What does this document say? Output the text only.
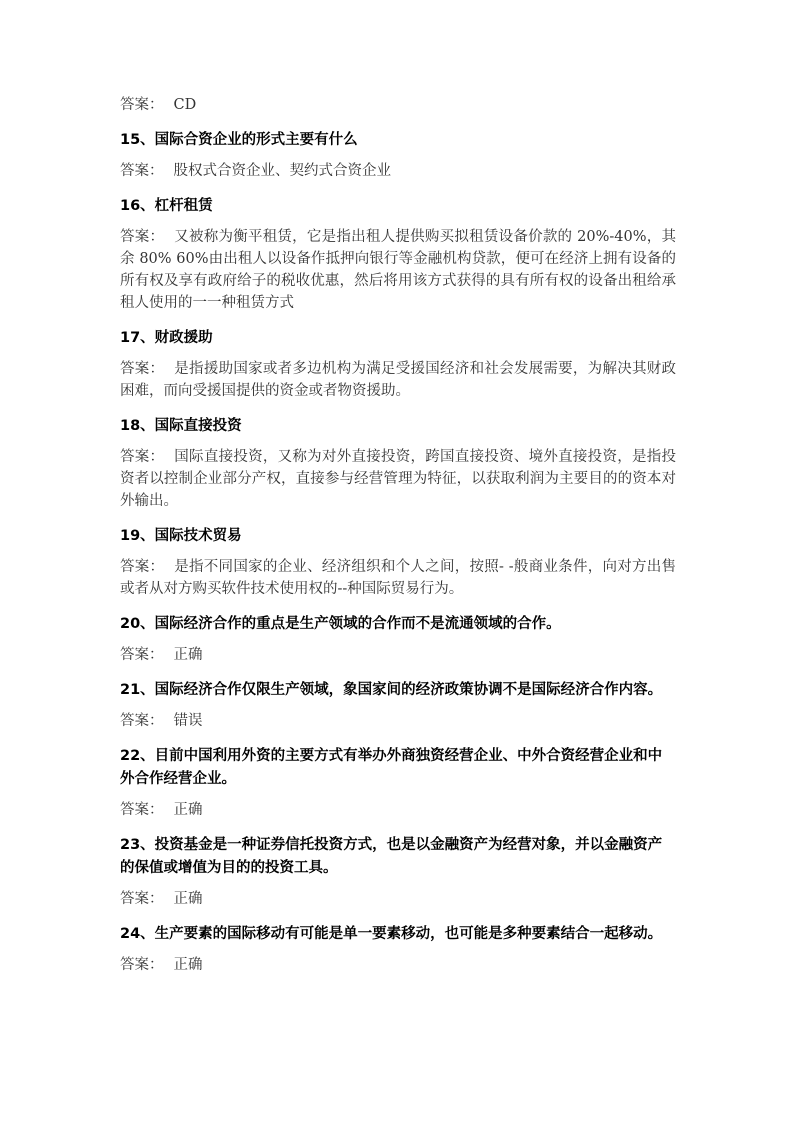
答案： CD

15、国际合资企业的形式主要有什么

答案： 股权式合资企业、契约式合资企业

16、杠杆租赁

答案： 又被称为衡平租赁，它是指出租人提供购买拟租赁设备价款的 20%-40%，其余 80% 60%由出租人以设备作抵押向银行等金融机构贷款，便可在经济上拥有设备的所有权及享有政府给子的税收优惠，然后将用该方式获得的具有所有权的设备出租给承租人使用的一一种租赁方式

17、财政援助

答案： 是指援助国家或者多边机构为满足受援国经济和社会发展需要，为解决其财政困难，而向受援国提供的资金或者物资援助。

18、国际直接投资

答案： 国际直接投资，又称为对外直接投资，跨国直接投资、境外直接投资，是指投资者以控制企业部分产权，直接参与经营管理为特征，以获取利润为主要目的的资本对外输出。

19、国际技术贸易

答案： 是指不同国家的企业、经济组织和个人之间，按照- -般商业条件，向对方出售或者从对方购买软件技术使用权的--种国际贸易行为。

20、国际经济合作的重点是生产领域的合作而不是流通领域的合作。

答案： 正确

21、国际经济合作仅限生产领域，象国家间的经济政策协调不是国际经济合作内容。

答案： 错误

22、目前中国利用外资的主要方式有举办外商独资经营企业、中外合资经营企业和中外合作经营企业。

答案： 正确

23、投资基金是一种证券信托投资方式，也是以金融资产为经营对象，并以金融资产的保值或增值为目的的投资工具。

答案： 正确

24、生产要素的国际移动有可能是单一要素移动，也可能是多种要素结合一起移动。

答案： 正确
